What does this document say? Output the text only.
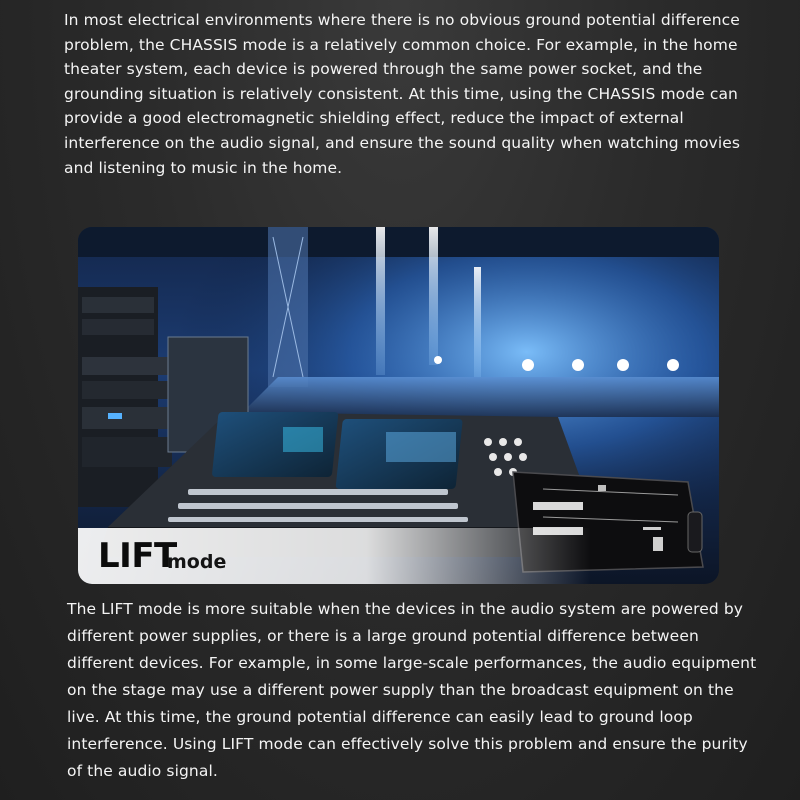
In most electrical environments where there is no obvious ground potential difference problem, the CHASSIS mode is a relatively common choice. For example, in the home theater system, each device is powered through the same power socket, and the grounding situation is relatively consistent. At this time, using the CHASSIS mode can provide a good electromagnetic shielding effect, reduce the impact of external interference on the audio signal, and ensure the sound quality when watching movies and listening to music in the home.

LIFT
mode

The LIFT mode is more suitable when the devices in the audio system are powered by different power supplies, or there is a large ground potential difference between different devices. For example, in some large-scale performances, the audio equipment on the stage may use a different power supply than the broadcast equipment on the live. At this time, the ground potential difference can easily lead to ground loop interference. Using LIFT mode can effectively solve this problem and ensure the purity of the audio signal.
